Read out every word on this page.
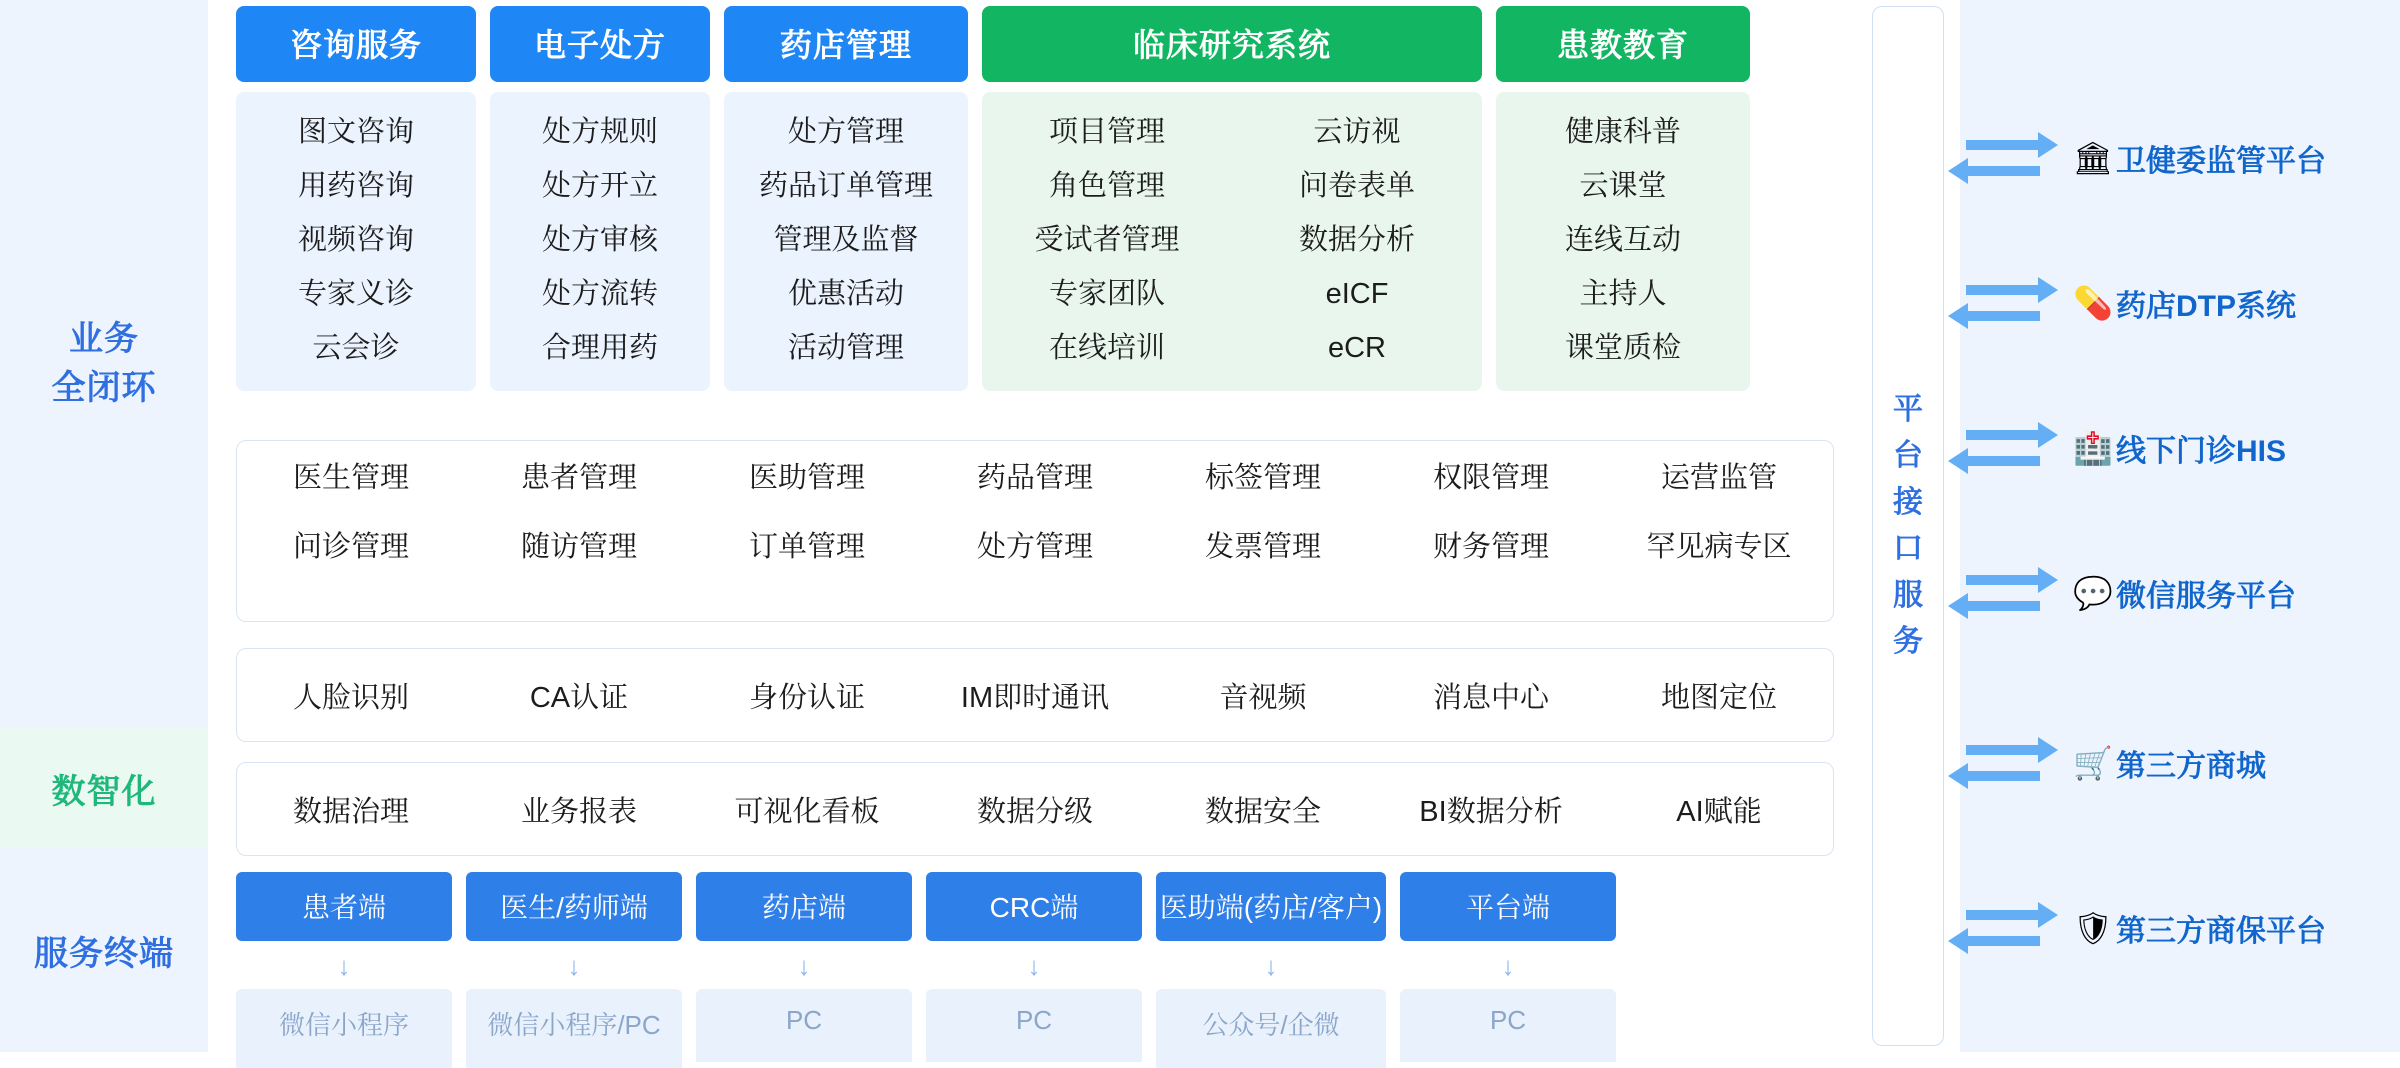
业务
全闭环
数智化
服务终端
咨询服务
图文咨询
用药咨询
视频咨询
专家义诊
云会诊
电子处方
处方规则
处方开立
处方审核
处方流转
合理用药
药店管理
处方管理
药品订单管理
管理及监督
优惠活动
活动管理
临床研究系统
项目管理
角色管理
受试者管理
专家团队
在线培训
云访视
问卷表单
数据分析
eICF
eCR
患教教育
健康科普
云课堂
连线互动
主持人
课堂质检
医生管理	患者管理	医助管理	药品管理	标签管理	权限管理	运营监管
问诊管理	随访管理	订单管理	处方管理	发票管理	财务管理	罕见病专区
人脸识别	CA认证	身份认证	IM即时通讯	音视频	消息中心	地图定位
数据治理	业务报表	可视化看板	数据分级	数据安全	BI数据分析	AI赋能
患者端
↓
微信小程序
医生/药师端
↓
微信小程序/PC
药店端
↓
PC
CRC端
↓
PC
医助端(药店/客户)
↓
公众号/企微
平台端
↓
PC
平台接口服务
🏛 卫健委监管平台
💊 药店DTP系统
🏥 线下门诊HIS
💬 微信服务平台
🛒 第三方商城
🛡 第三方商保平台
